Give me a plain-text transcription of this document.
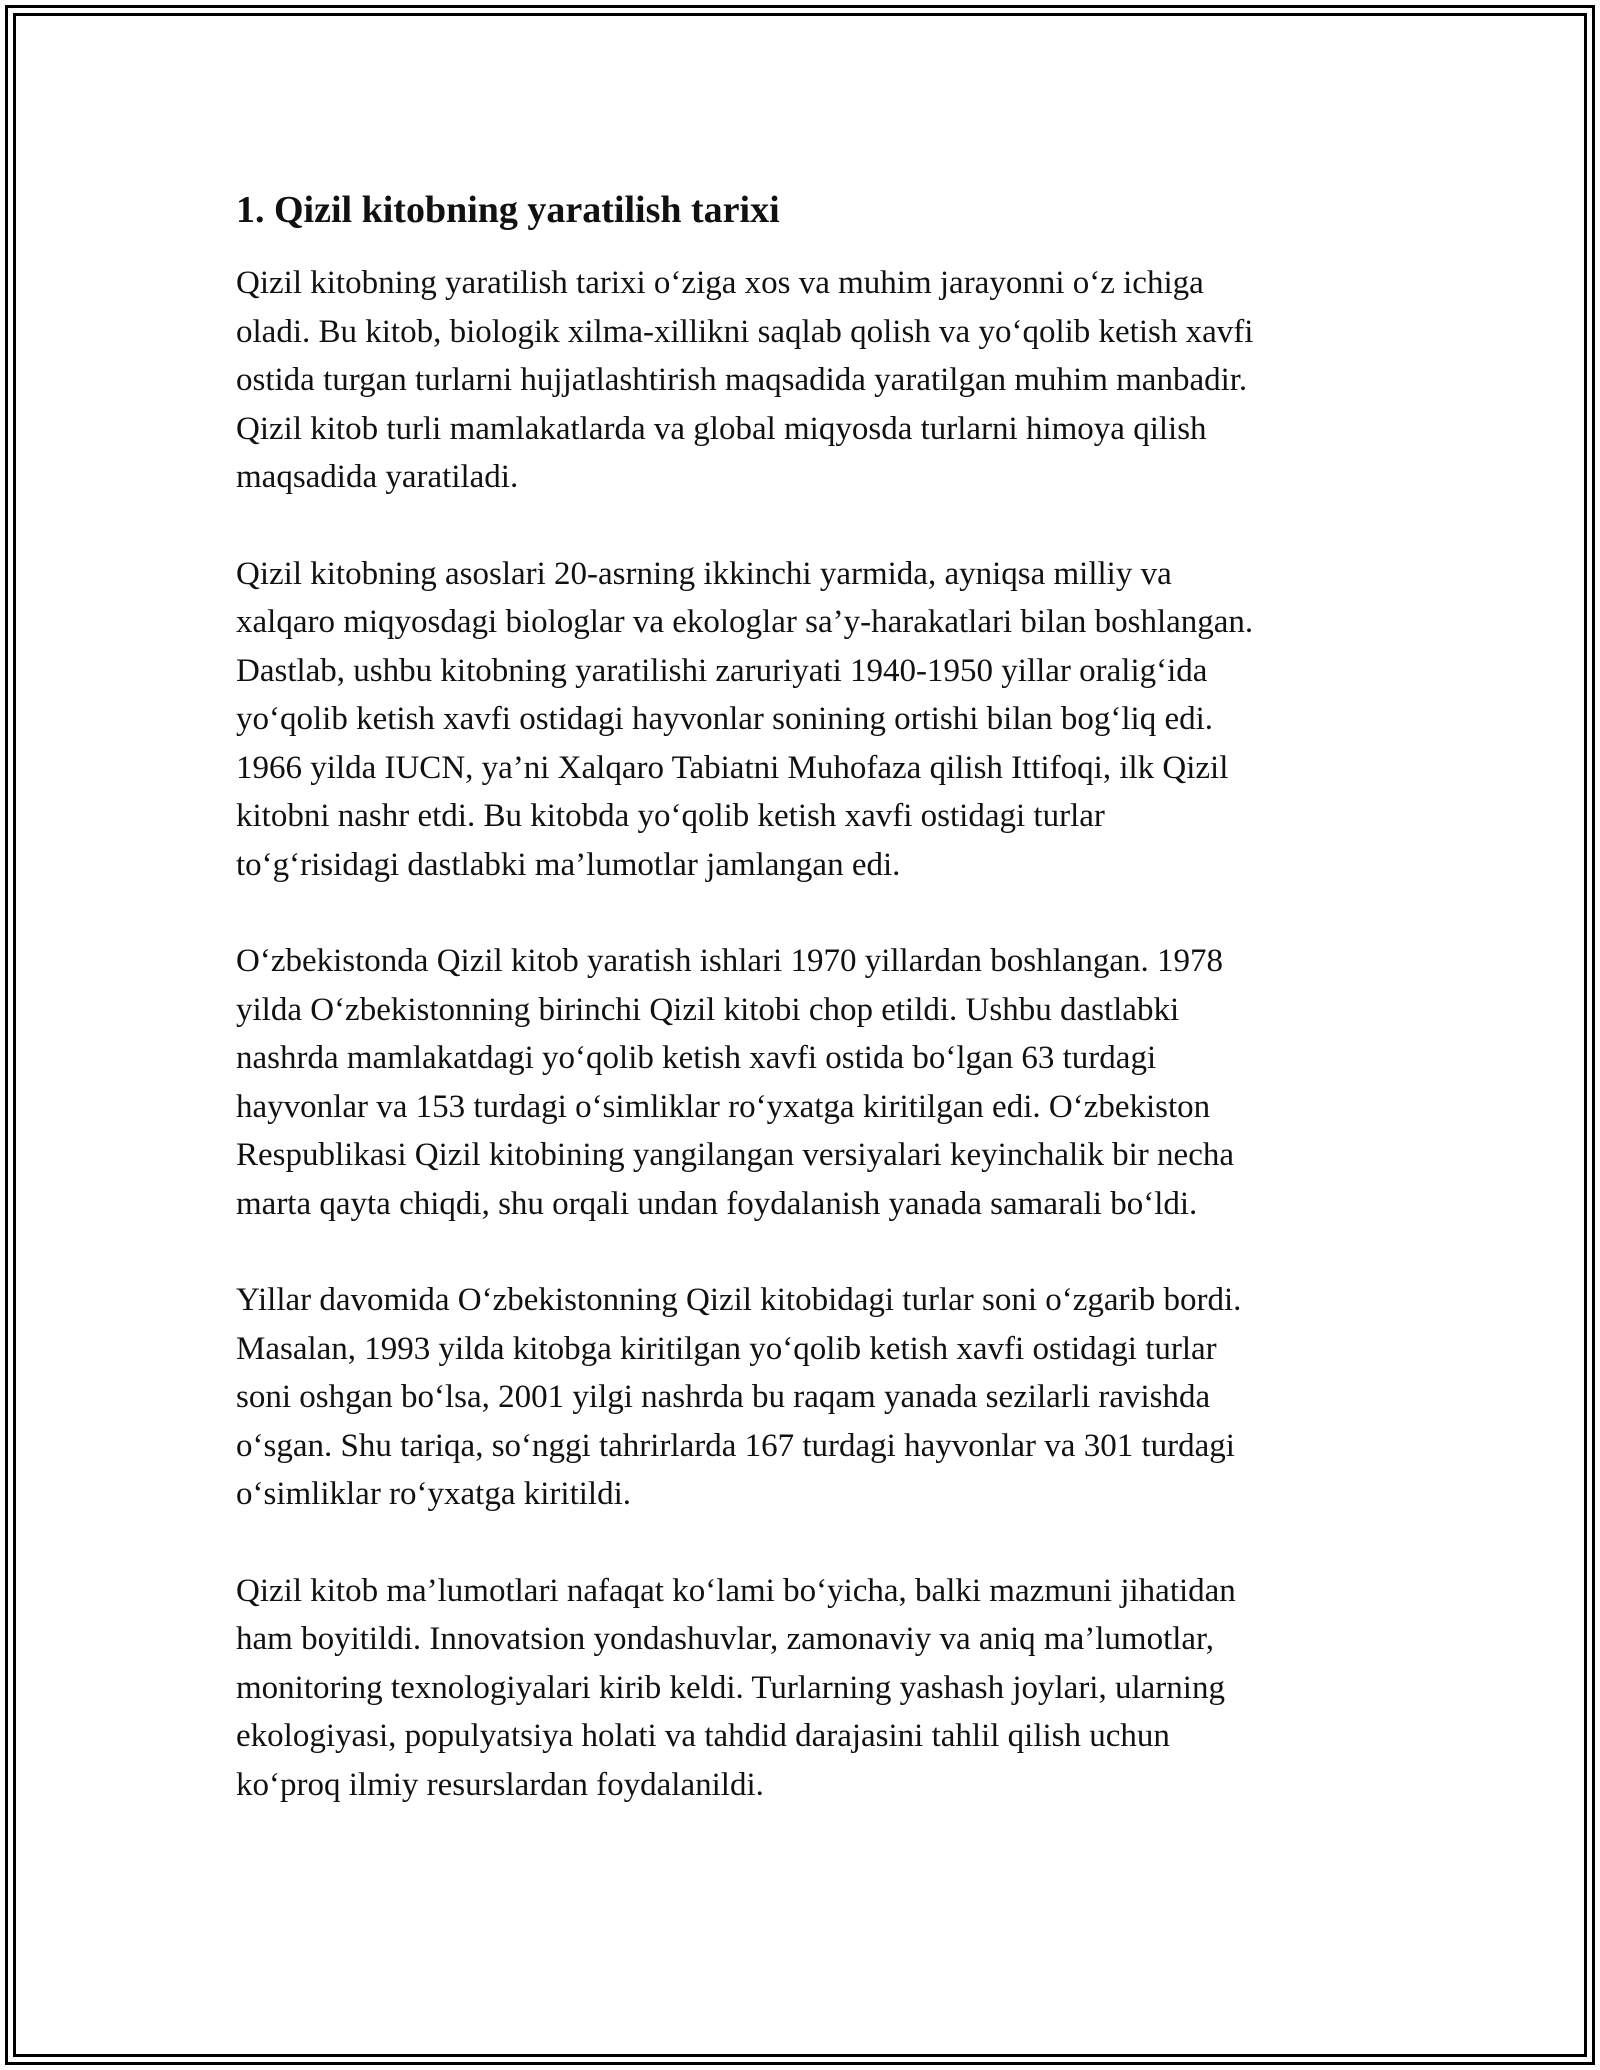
1. Qizil kitobning yaratilish tarixi

Qizil kitobning yaratilish tarixi o‘ziga xos va muhim jarayonni o‘z ichiga
oladi. Bu kitob, biologik xilma-xillikni saqlab qolish va yo‘qolib ketish xavfi
ostida turgan turlarni hujjatlashtirish maqsadida yaratilgan muhim manbadir.
Qizil kitob turli mamlakatlarda va global miqyosda turlarni himoya qilish
maqsadida yaratiladi.

Qizil kitobning asoslari 20-asrning ikkinchi yarmida, ayniqsa milliy va
xalqaro miqyosdagi biologlar va ekologlar sa’y-harakatlari bilan boshlangan.
Dastlab, ushbu kitobning yaratilishi zaruriyati 1940-1950 yillar oralig‘ida
yo‘qolib ketish xavfi ostidagi hayvonlar sonining ortishi bilan bog‘liq edi.
1966 yilda IUCN, ya’ni Xalqaro Tabiatni Muhofaza qilish Ittifoqi, ilk Qizil
kitobni nashr etdi. Bu kitobda yo‘qolib ketish xavfi ostidagi turlar
to‘g‘risidagi dastlabki ma’lumotlar jamlangan edi.

O‘zbekistonda Qizil kitob yaratish ishlari 1970 yillardan boshlangan. 1978
yilda O‘zbekistonning birinchi Qizil kitobi chop etildi. Ushbu dastlabki
nashrda mamlakatdagi yo‘qolib ketish xavfi ostida bo‘lgan 63 turdagi
hayvonlar va 153 turdagi o‘simliklar ro‘yxatga kiritilgan edi. O‘zbekiston
Respublikasi Qizil kitobining yangilangan versiyalari keyinchalik bir necha
marta qayta chiqdi, shu orqali undan foydalanish yanada samarali bo‘ldi.

Yillar davomida O‘zbekistonning Qizil kitobidagi turlar soni o‘zgarib bordi.
Masalan, 1993 yilda kitobga kiritilgan yo‘qolib ketish xavfi ostidagi turlar
soni oshgan bo‘lsa, 2001 yilgi nashrda bu raqam yanada sezilarli ravishda
o‘sgan. Shu tariqa, so‘nggi tahrirlarda 167 turdagi hayvonlar va 301 turdagi
o‘simliklar ro‘yxatga kiritildi.

Qizil kitob ma’lumotlari nafaqat ko‘lami bo‘yicha, balki mazmuni jihatidan
ham boyitildi. Innovatsion yondashuvlar, zamonaviy va aniq ma’lumotlar,
monitoring texnologiyalari kirib keldi. Turlarning yashash joylari, ularning
ekologiyasi, populyatsiya holati va tahdid darajasini tahlil qilish uchun
ko‘proq ilmiy resurslardan foydalanildi.
